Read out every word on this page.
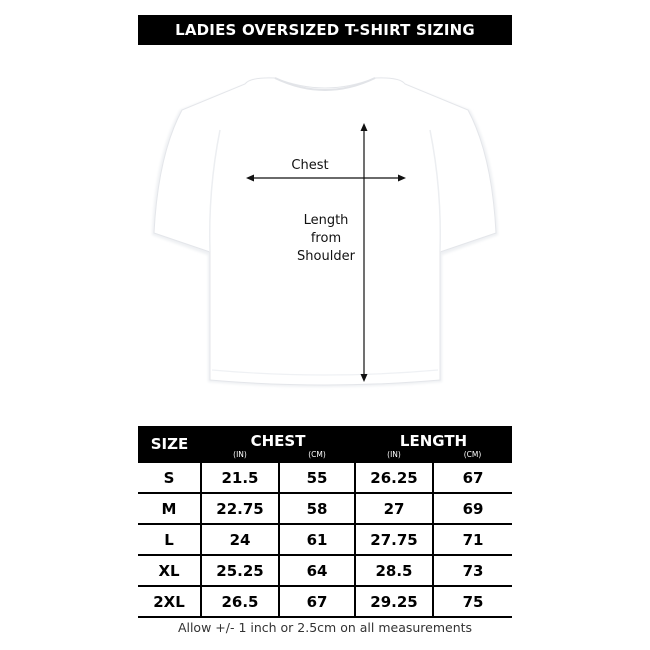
LADIES OVERSIZED T-SHIRT SIZING
Chest
Length
from
Shoulder
SIZE	CHEST		LENGTH	
	(IN)	(CM)	(IN)	(CM)
S	21.5	55	26.25	67
M	22.75	58	27	69
L	24	61	27.75	71
XL	25.25	64	28.5	73
2XL	26.5	67	29.25	75
Allow +/- 1 inch or 2.5cm on all measurements
